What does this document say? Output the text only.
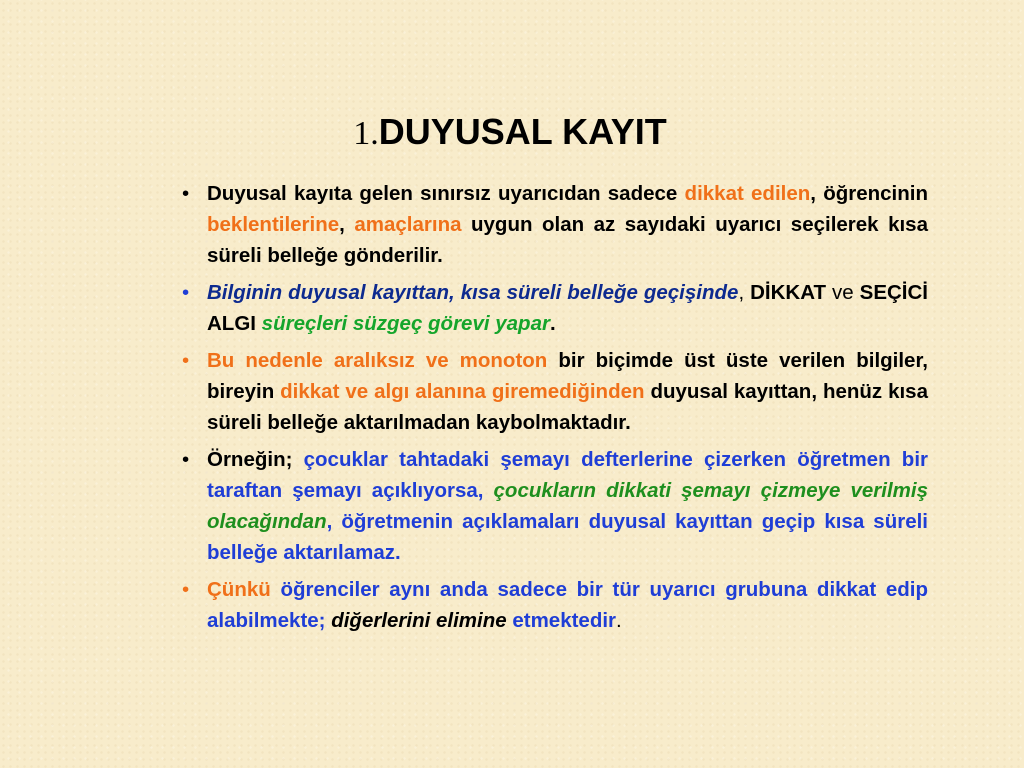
1.DUYUSAL KAYIT
• Duyusal kayıta gelen sınırsız uyarıcıdan sadece dikkat edilen, öğrencinin beklentilerine, amaçlarına uygun olan az sayıdaki uyarıcı seçilerek kısa süreli belleğe gönderilir.
• Bilginin duyusal kayıttan, kısa süreli belleğe geçişinde, DİKKAT ve SEÇİCİ ALGI süreçleri süzgeç görevi yapar.
• Bu nedenle aralıksız ve monoton bir biçimde üst üste verilen bilgiler, bireyin dikkat ve algı alanına giremediğinden duyusal kayıttan, henüz kısa süreli belleğe aktarılmadan kaybolmaktadır.
• Örneğin; çocuklar tahtadaki şemayı defterlerine çizerken öğretmen bir taraftan şemayı açıklıyorsa, çocukların dikkati şemayı çizmeye verilmiş olacağından, öğretmenin açıklamaları duyusal kayıttan geçip kısa süreli belleğe aktarılamaz.
• Çünkü öğrenciler aynı anda sadece bir tür uyarıcı grubuna dikkat edip alabilmekte; diğerlerini elimine etmektedir.
